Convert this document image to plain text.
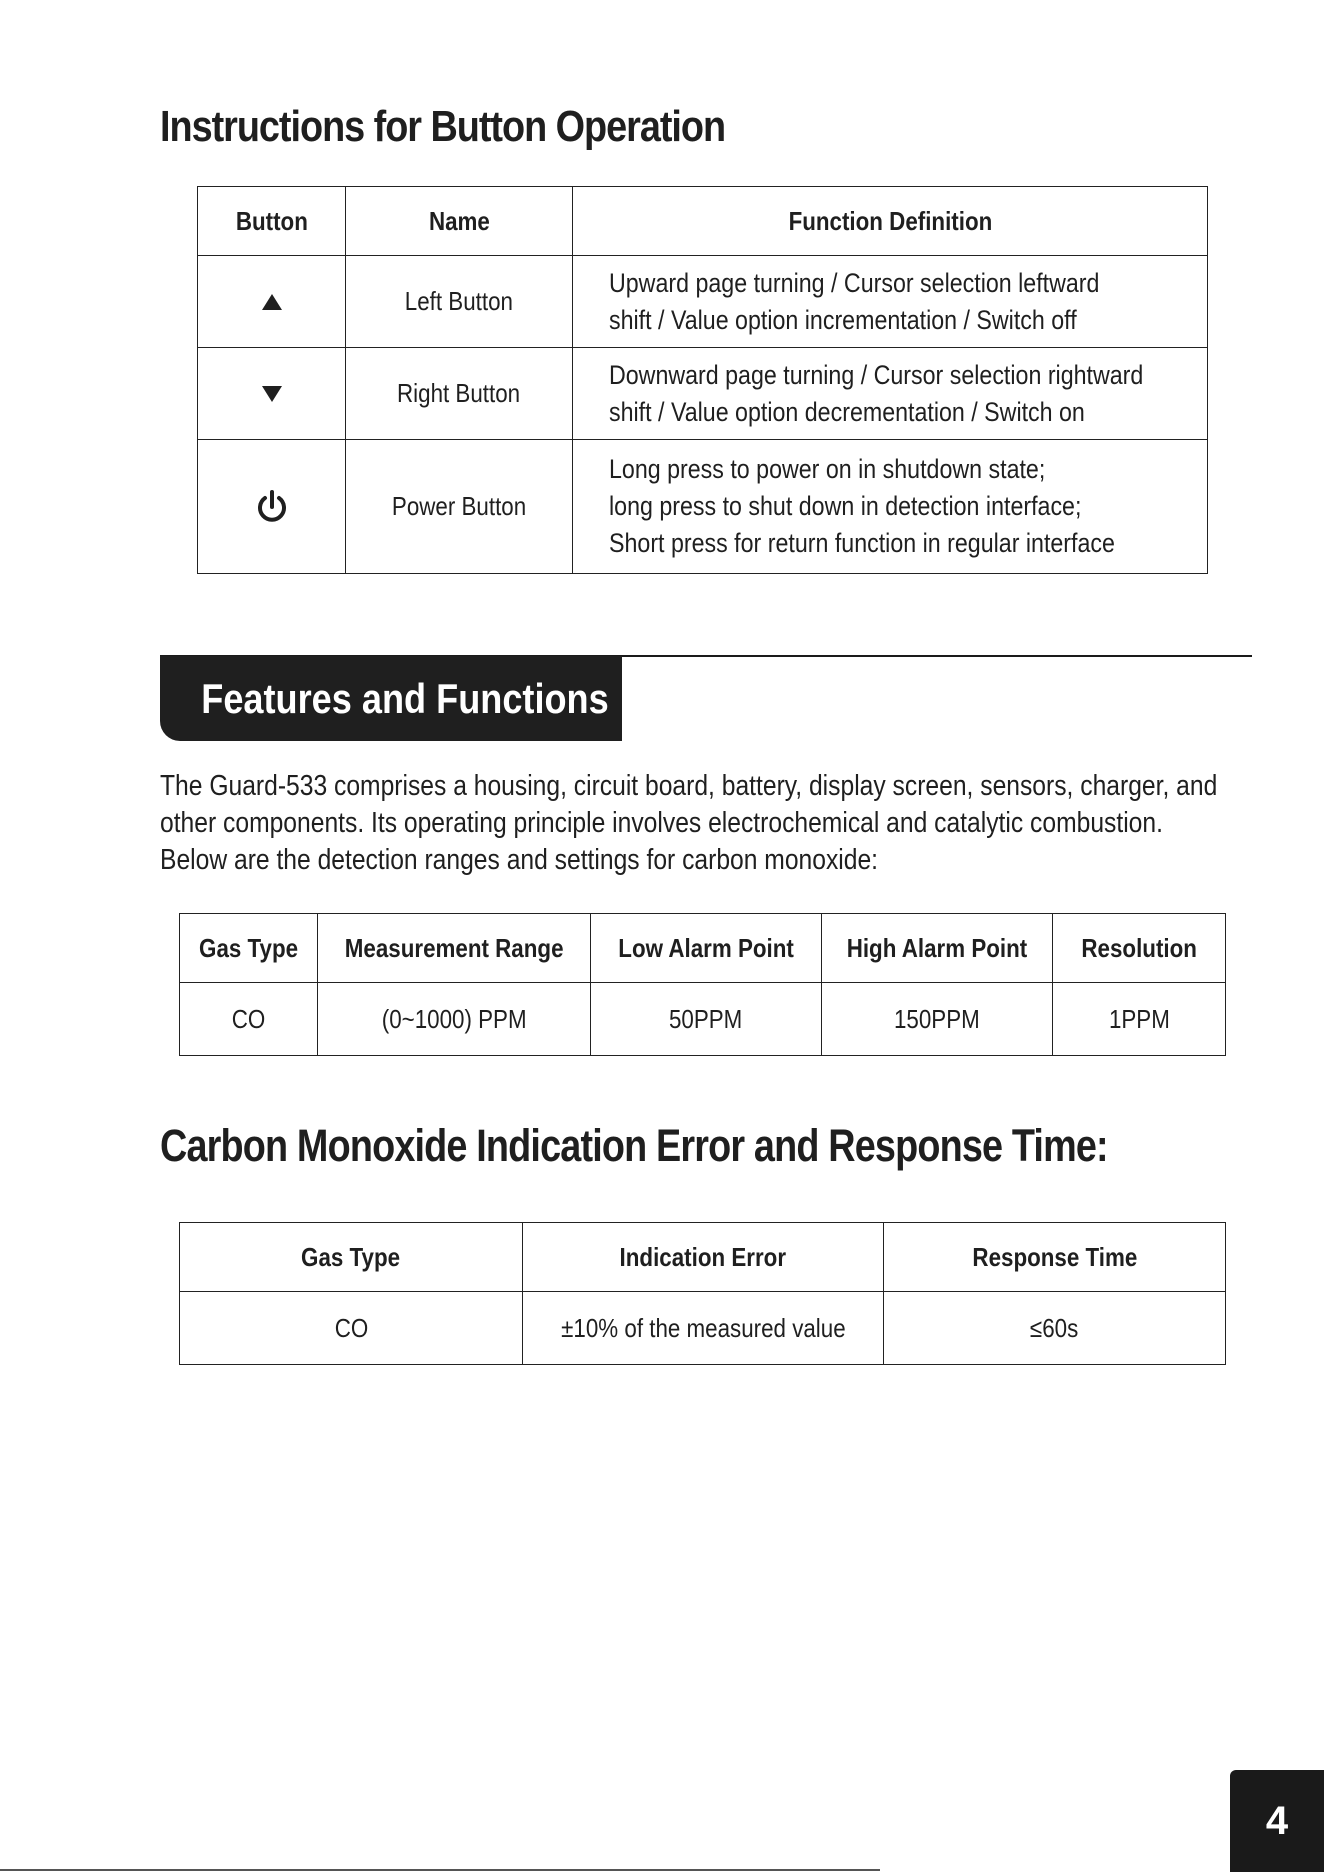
Instructions for Button Operation
Button	Name	Function Definition

	Left Button	Upward page turning / Cursor selection leftward
shift / Value option incrementation / Switch off

	Right Button	Downward page turning / Cursor selection rightward
shift / Value option decrementation / Switch on

	Power Button	Long press to power on in shutdown state;
long press to shut down in detection interface;
Short press for return function in regular interface
Features and Functions

The Guard-533 comprises a housing, circuit board, battery, display screen, sensors, charger, and
other components. Its operating principle involves electrochemical and catalytic combustion.
Below are the detection ranges and settings for carbon monoxide:

Gas Type	Measurement Range	Low Alarm Point	High Alarm Point	Resolution
CO	(0~1000) PPM	50PPM	150PPM	1PPM
Carbon Monoxide Indication Error and Response Time:
Gas Type	Indication Error	Response Time
CO	±10% of the measured value	≤60s
4
